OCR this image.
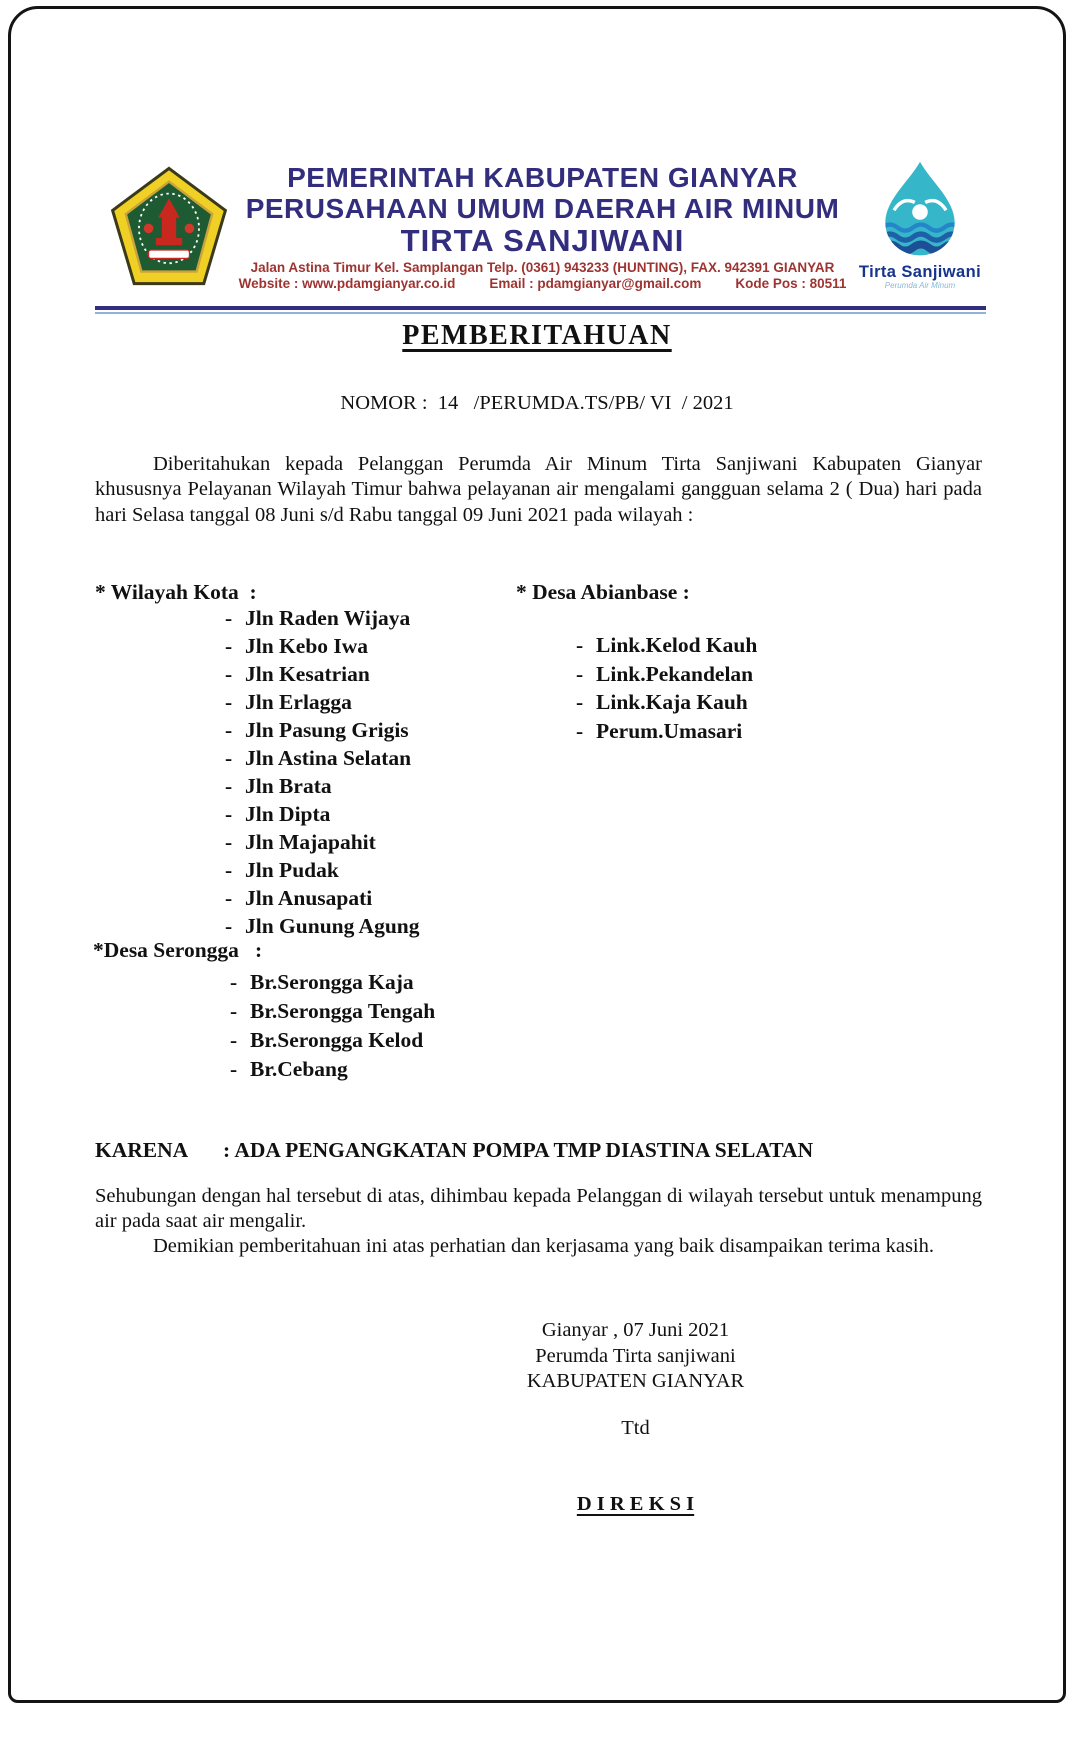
PEMERINTAH KABUPATEN GIANYAR
PERUSAHAAN UMUM DAERAH AIR MINUM
TIRTA SANJIWANI
Jalan Astina Timur Kel. Samplangan Telp. (0361) 943233 (HUNTING), FAX. 942391 GIANYAR
Website : www.pdamgianyar.co.id	Email : pdamgianyar@gmail.com	Kode Pos : 80511
Tirta Sanjiwani
Perumda Air Minum
PEMBERITAHUAN
NOMOR :  14   /PERUMDA.TS/PB/ VI  / 2021
Diberitahukan kepada Pelanggan Perumda Air Minum Tirta Sanjiwani Kabupaten Gianyar khususnya Pelayanan Wilayah Timur bahwa pelayanan air mengalami gangguan selama 2 ( Dua) hari pada hari Selasa tanggal 08 Juni s/d Rabu tanggal 09 Juni 2021 pada wilayah :
* Wilayah Kota  :	* Desa Abianbase :
- Jln Raden Wijaya
- Jln Kebo Iwa
- Jln Kesatrian
- Jln Erlagga
- Jln Pasung Grigis
- Jln Astina Selatan
- Jln Brata
- Jln Dipta
- Jln Majapahit
- Jln Pudak
- Jln Anusapati
- Jln Gunung Agung
- Link.Kelod Kauh
- Link.Pekandelan
- Link.Kaja Kauh
- Perum.Umasari
*Desa Serongga   :
- Br.Serongga Kaja
- Br.Serongga Tengah
- Br.Serongga Kelod
- Br.Cebang
KARENA : ADA PENGANGKATAN POMPA TMP DIASTINA SELATAN
Sehubungan dengan hal tersebut di atas, dihimbau kepada Pelanggan di wilayah tersebut untuk menampung air pada saat air mengalir.
Demikian pemberitahuan ini atas perhatian dan kerjasama yang baik disampaikan terima kasih.
Gianyar , 07 Juni 2021
Perumda Tirta sanjiwani
KABUPATEN GIANYAR
Ttd
D I R E K S I
